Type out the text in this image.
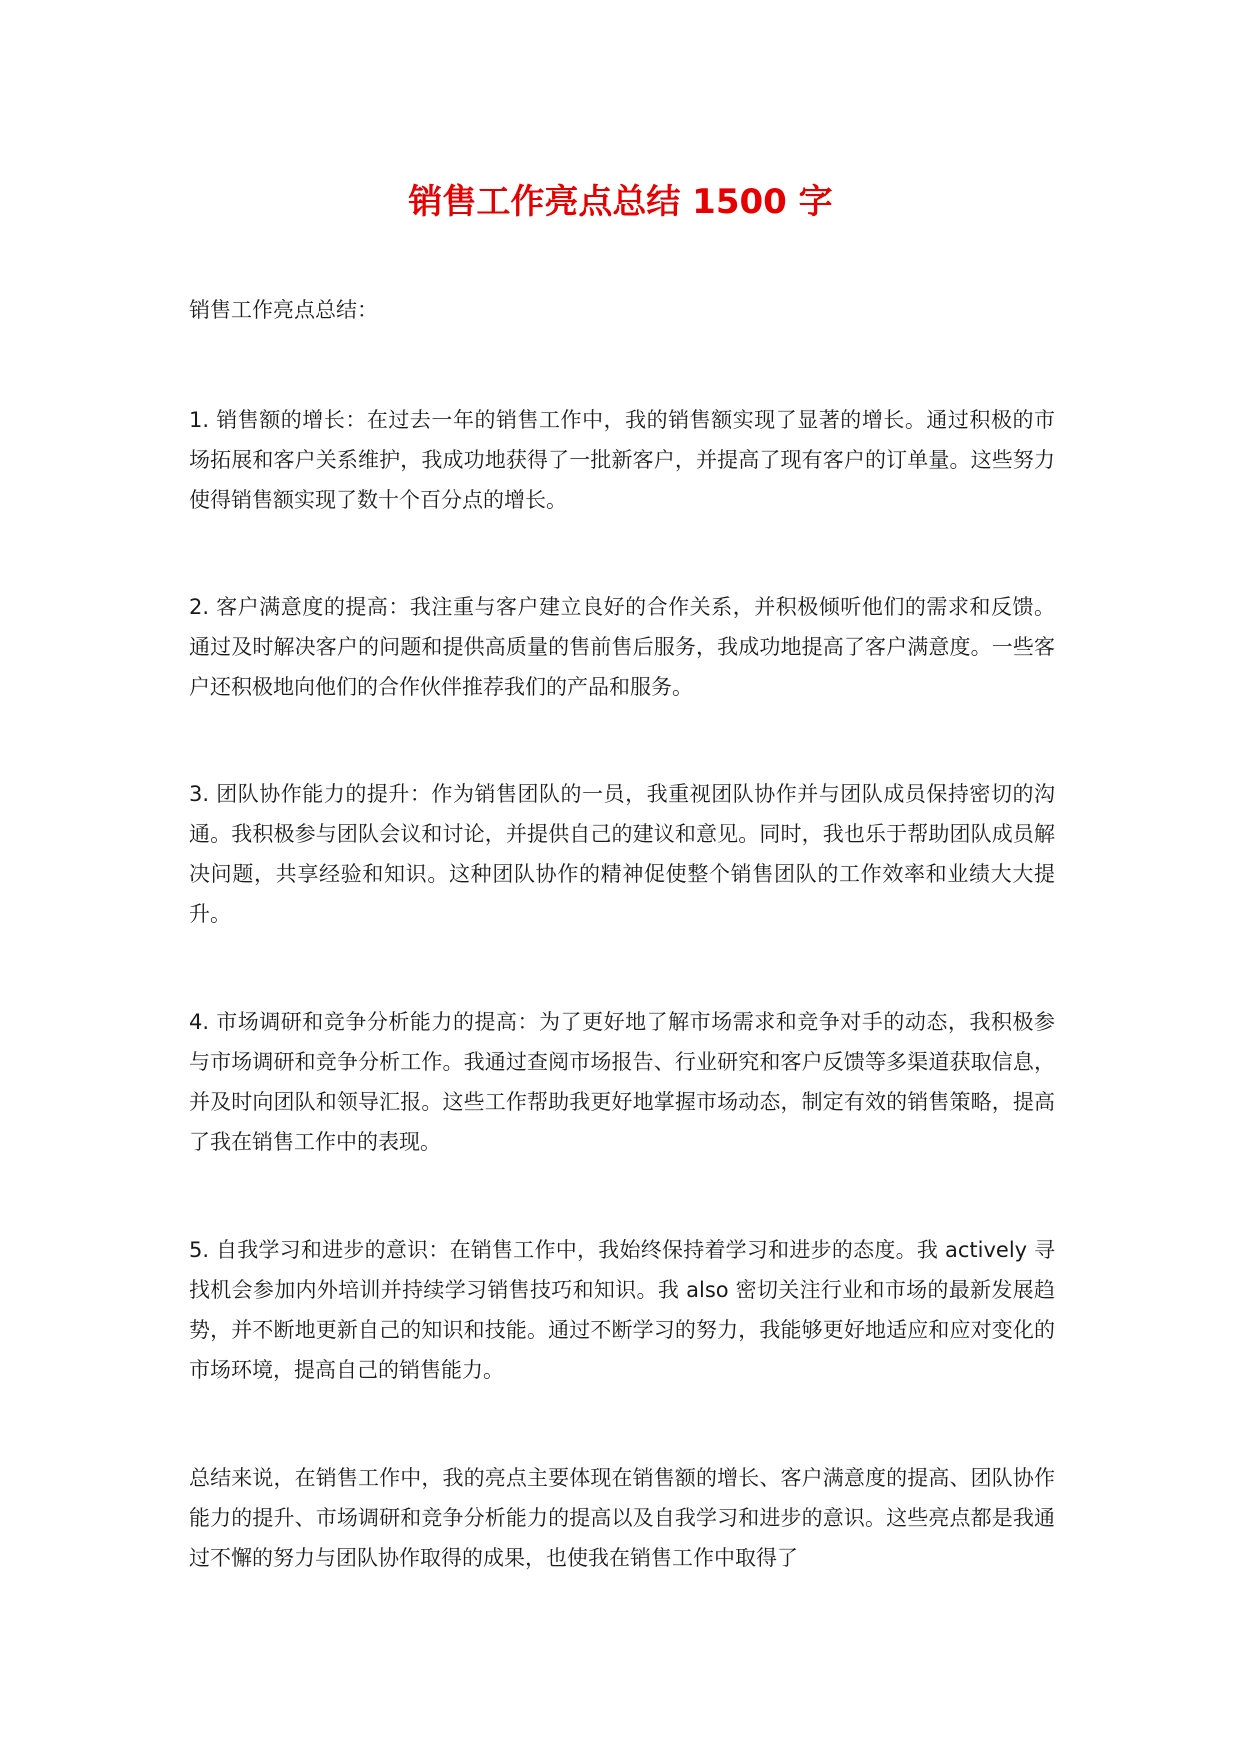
销售工作亮点总结 1500 字

销售工作亮点总结：

1. 销售额的增长：在过去一年的销售工作中，我的销售额实现了显著的增长。通过积极的市场拓展和客户关系维护，我成功地获得了一批新客户，并提高了现有客户的订单量。这些努力使得销售额实现了数十个百分点的增长。

2. 客户满意度的提高：我注重与客户建立良好的合作关系，并积极倾听他们的需求和反馈。通过及时解决客户的问题和提供高质量的售前售后服务，我成功地提高了客户满意度。一些客户还积极地向他们的合作伙伴推荐我们的产品和服务。

3. 团队协作能力的提升：作为销售团队的一员，我重视团队协作并与团队成员保持密切的沟通。我积极参与团队会议和讨论，并提供自己的建议和意见。同时，我也乐于帮助团队成员解决问题，共享经验和知识。这种团队协作的精神促使整个销售团队的工作效率和业绩大大提升。

4. 市场调研和竞争分析能力的提高：为了更好地了解市场需求和竞争对手的动态，我积极参与市场调研和竞争分析工作。我通过查阅市场报告、行业研究和客户反馈等多渠道获取信息，并及时向团队和领导汇报。这些工作帮助我更好地掌握市场动态，制定有效的销售策略，提高了我在销售工作中的表现。

5. 自我学习和进步的意识：在销售工作中，我始终保持着学习和进步的态度。我 actively 寻找机会参加内外培训并持续学习销售技巧和知识。我 also 密切关注行业和市场的最新发展趋势，并不断地更新自己的知识和技能。通过不断学习的努力，我能够更好地适应和应对变化的市场环境，提高自己的销售能力。

总结来说，在销售工作中，我的亮点主要体现在销售额的增长、客户满意度的提高、团队协作能力的提升、市场调研和竞争分析能力的提高以及自我学习和进步的意识。这些亮点都是我通过不懈的努力与团队协作取得的成果，也使我在销售工作中取得了
